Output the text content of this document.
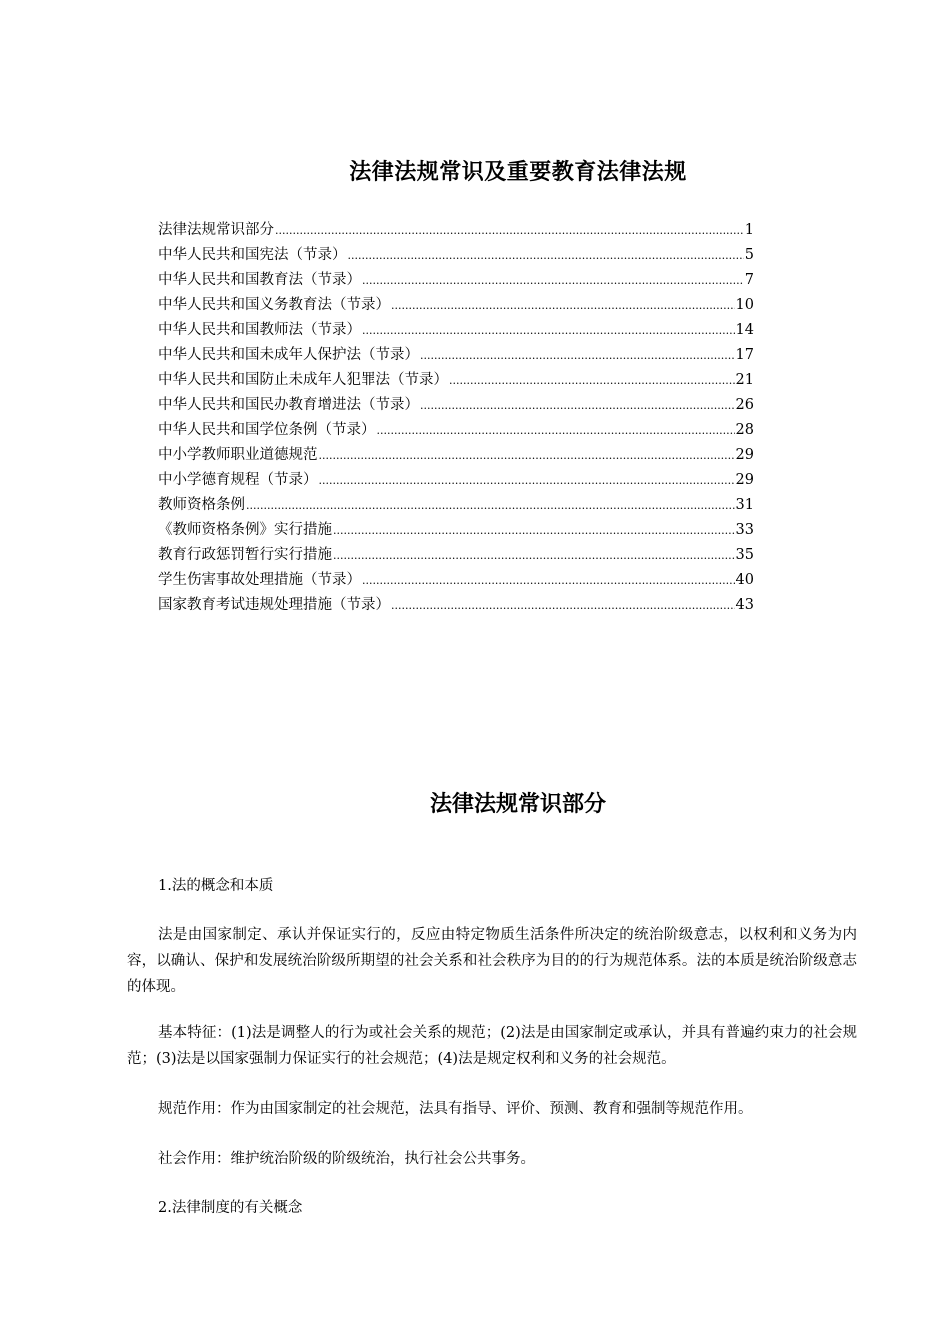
法律法规常识及重要教育法律法规
法律法规常识部分 .....	1
中华人民共和国宪法（节录） .....	5
中华人民共和国教育法（节录） .....	7
中华人民共和国义务教育法（节录） .....	10
中华人民共和国教师法（节录） .....	14
中华人民共和国未成年人保护法（节录） .....	17
中华人民共和国防止未成年人犯罪法（节录） .....	21
中华人民共和国民办教育增进法（节录） .....	26
中华人民共和国学位条例（节录） .....	28
中小学教师职业道德规范 .....	29
中小学德育规程（节录） .....	29
教师资格条例 .....	31
《教师资格条例》实行措施 .....	33
教育行政惩罚暂行实行措施 .....	35
学生伤害事故处理措施（节录） .....	40
国家教育考试违规处理措施（节录） .....	43
法律法规常识部分

1.法的概念和本质

法是由国家制定、承认并保证实行的，反应由特定物质生活条件所决定的统治阶级意志，以权利和义务为内容，以确认、保护和发展统治阶级所期望的社会关系和社会秩序为目的的行为规范体系。法的本质是统治阶级意志的体现。

基本特征：(1)法是调整人的行为或社会关系的规范；(2)法是由国家制定或承认，并具有普遍约束力的社会规范；(3)法是以国家强制力保证实行的社会规范；(4)法是规定权利和义务的社会规范。

规范作用：作为由国家制定的社会规范，法具有指导、评价、预测、教育和强制等规范作用。

社会作用：维护统治阶级的阶级统治，执行社会公共事务。

2.法律制度的有关概念
